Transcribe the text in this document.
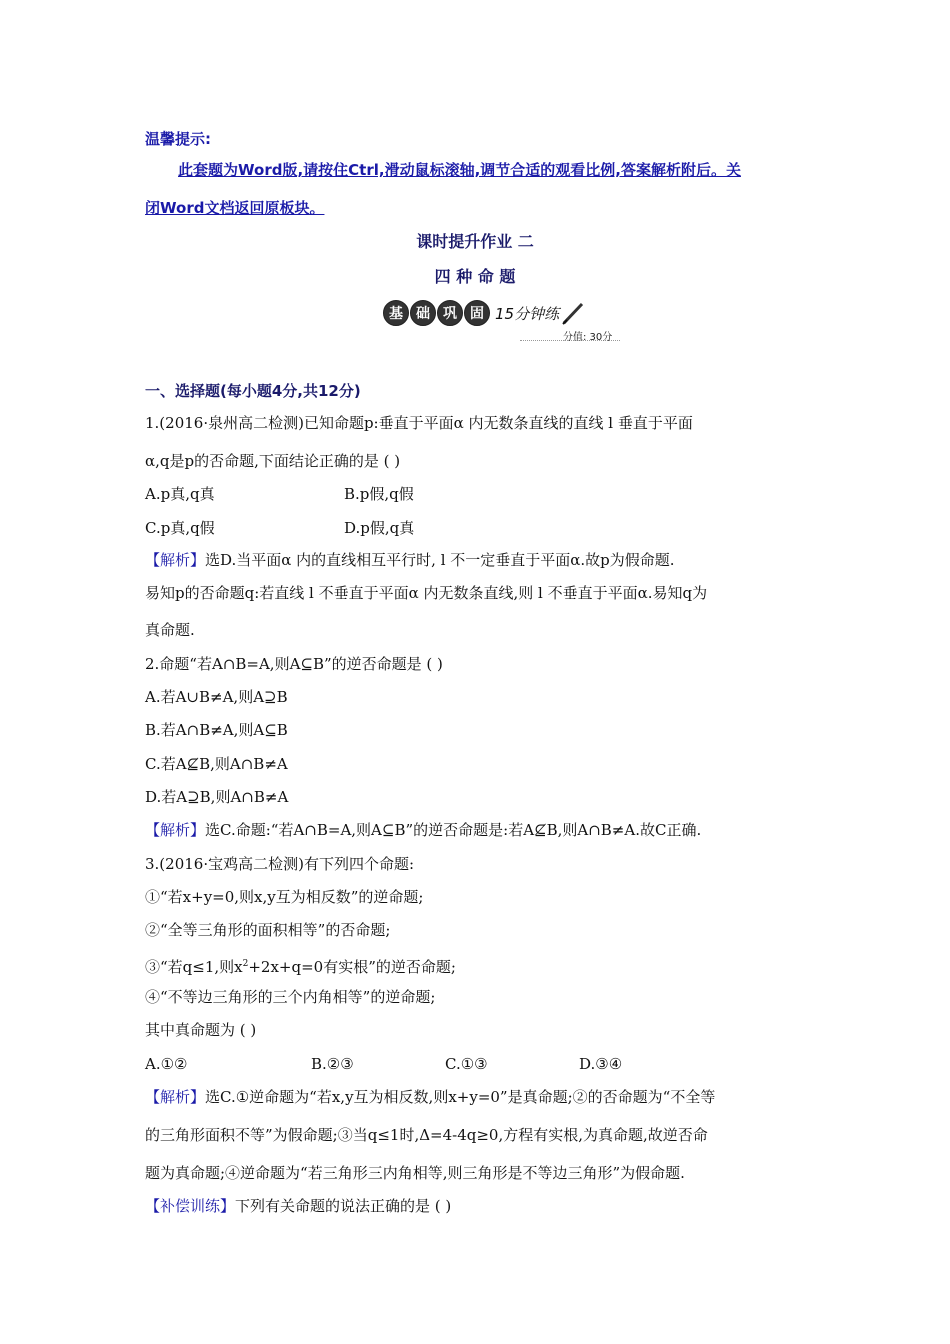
温馨提示:
此套题为Word版,请按住Ctrl,滑动鼠标滚轴,调节合适的观看比例,答案解析附后。关
闭Word文档返回原板块。
课时提升作业 二
四 种 命 题
基 础 巩 固 15分钟练
分值: 30分
一、选择题(每小题4分,共12分)
1.(2016·泉州高二检测)已知命题p:垂直于平面α 内无数条直线的直线 l 垂直于平面
α,q是p的否命题,下面结论正确的是 ( )
A.p真,q真	B.p假,q假
C.p真,q假	D.p假,q真
【解析】选D.当平面α 内的直线相互平行时, l 不一定垂直于平面α.故p为假命题.
易知p的否命题q:若直线 l 不垂直于平面α 内无数条直线,则 l 不垂直于平面α.易知q为
真命题.
2.命题“若A∩B=A,则A⊆B”的逆否命题是 ( )
A.若A∪B≠A,则A⊇B
B.若A∩B≠A,则A⊆B
C.若A⊈B,则A∩B≠A
D.若A⊇B,则A∩B≠A
【解析】选C.命题:“若A∩B=A,则A⊆B”的逆否命题是:若A⊈B,则A∩B≠A.故C正确.
3.(2016·宝鸡高二检测)有下列四个命题:
①“若x+y=0,则x,y互为相反数”的逆命题;
②“全等三角形的面积相等”的否命题;
③“若q≤1,则$x^2+2x+q=0$有实根”的逆否命题;
④“不等边三角形的三个内角相等”的逆命题;
其中真命题为 ( )
A.①②	B.②③	C.①③	D.③④
【解析】选C.①逆命题为“若x,y互为相反数,则x+y=0”是真命题;②的否命题为“不全等
的三角形面积不等”为假命题;③当q≤1时,Δ=4-4q≥0,方程有实根,为真命题,故逆否命
题为真命题;④逆命题为“若三角形三内角相等,则三角形是不等边三角形”为假命题.
【补偿训练】下列有关命题的说法正确的是 ( )
